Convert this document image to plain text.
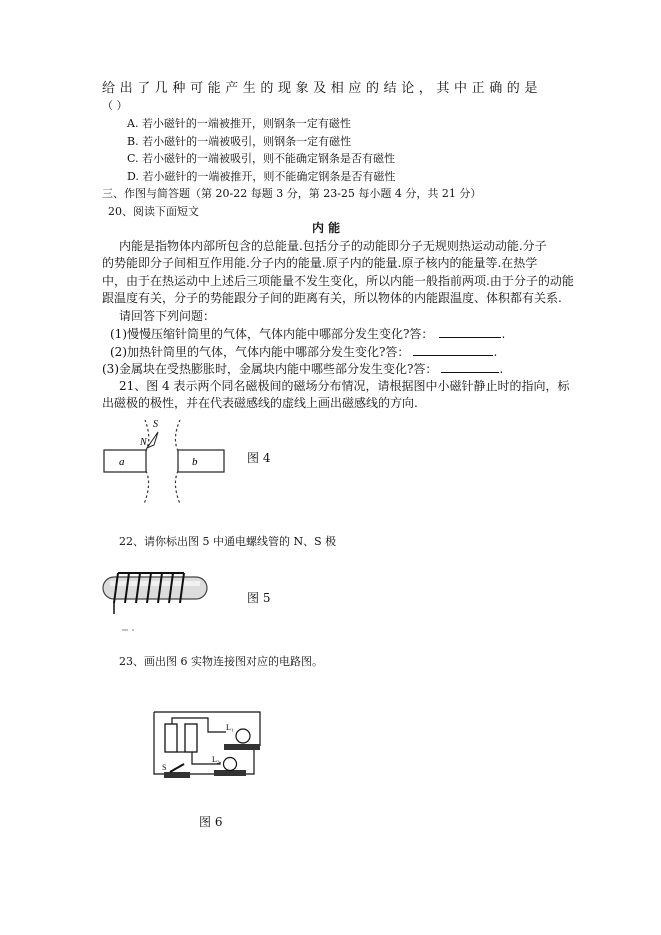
给出了几种可能产生的现象及相应的结论，其中正确的是
（ ）
A. 若小磁针的一端被推开，则钢条一定有磁性
B. 若小磁针的一端被吸引，则钢条一定有磁性
C. 若小磁针的一端被吸引，则不能确定钢条是否有磁性
D. 若小磁针的一端被推开，则不能确定钢条是否有磁性
三、作图与简答题（第 20-22 每题 3 分，第 23-25 每小题 4 分，共 21 分）
20、阅读下面短文
内 能
内能是指物体内部所包含的总能量.包括分子的动能即分子无规则热运动动能.分子
的势能即分子间相互作用能.分子内的能量.原子内的能量.原子核内的能量等.在热学
中，由于在热运动中上述后三项能量不发生变化，所以内能一般指前两项.由于分子的动能
跟温度有关，分子的势能跟分子间的距离有关，所以物体的内能跟温度、体积都有关系.
请回答下列问题：
(1)慢慢压缩针筒里的气体，气体内能中哪部分发生变化?答：	.
(2)加热针筒里的气体，气体内能中哪部分发生变化?答：	.
(3)金属块在受热膨胀时，金属块内能中哪些部分发生变化?答：	.
21、图 4 表示两个同名磁极间的磁场分布情况，请根据图中小磁针静止时的指向，标
出磁极的极性，并在代表磁感线的虚线上画出磁感线的方向.
a	b
S
N
图 4
22、请你标出图 5 中通电螺线管的 N、S 极
图 5
23、画出图 6 实物连接图对应的电路图。
L₁
L₂
S
图 6
